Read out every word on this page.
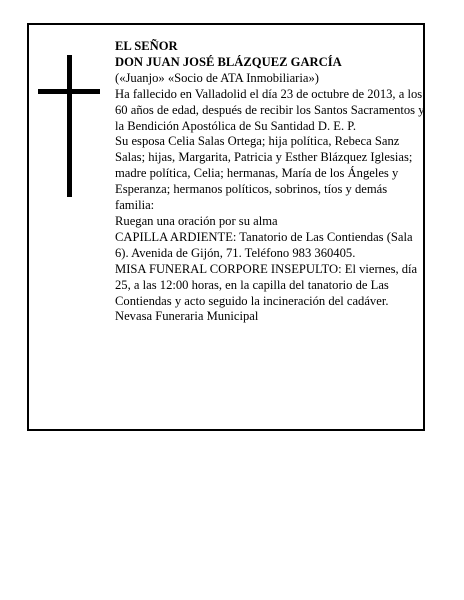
EL SEÑOR

DON JUAN JOSÉ BLÁZQUEZ GARCÍA

(«Juanjo» «Socio de ATA Inmobiliaria»)

Ha fallecido en Valladolid el día 23 de octubre de 2013, a los 60 años de edad, después de recibir los Santos Sacramentos y la Bendición Apostólica de Su Santidad D. E. P.

Su esposa Celia Salas Ortega; hija política, Rebeca Sanz Salas; hijas, Margarita, Patricia y Esther Blázquez Iglesias; madre política, Celia; hermanas, María de los Ángeles y Esperanza; hermanos políticos, sobrinos, tíos y demás familia:

Ruegan una oración por su alma

CAPILLA ARDIENTE: Tanatorio de Las Contiendas (Sala 6). Avenida de Gijón, 71. Teléfono 983 360405.

MISA FUNERAL CORPORE INSEPULTO: El viernes, día 25, a las 12:00 horas, en la capilla del tanatorio de Las Contiendas y acto seguido la incineración del cadáver.

Nevasa Funeraria Municipal
